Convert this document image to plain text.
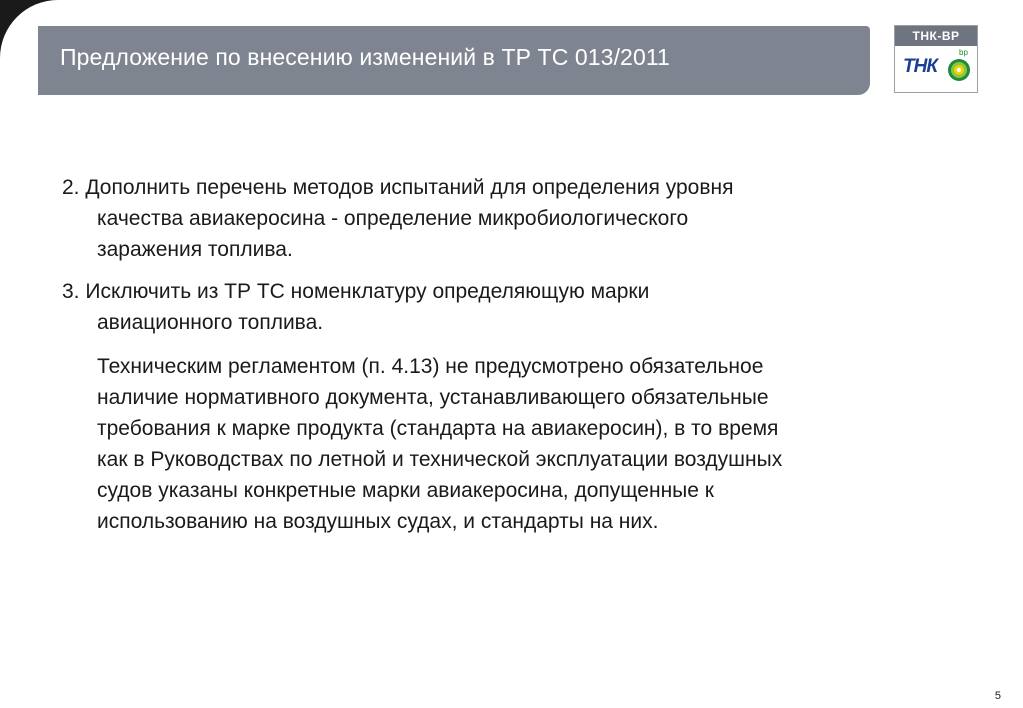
Предложение по внесению изменений в ТР ТС 013/2011
ТНК-ВР
ТНК
bp
2. Дополнить перечень методов испытаний для определения уровня
качества авиакеросина - определение микробиологического
заражения топлива.
3. Исключить из ТР ТС номенклатуру определяющую марки
авиационного топлива.
Техническим регламентом (п. 4.13) не предусмотрено обязательное
наличие нормативного документа, устанавливающего обязательные
требования к марке продукта (стандарта на авиакеросин), в то время
как в Руководствах по летной и технической эксплуатации воздушных
судов указаны конкретные марки авиакеросина, допущенные к
использованию на воздушных судах, и стандарты на них.
5
